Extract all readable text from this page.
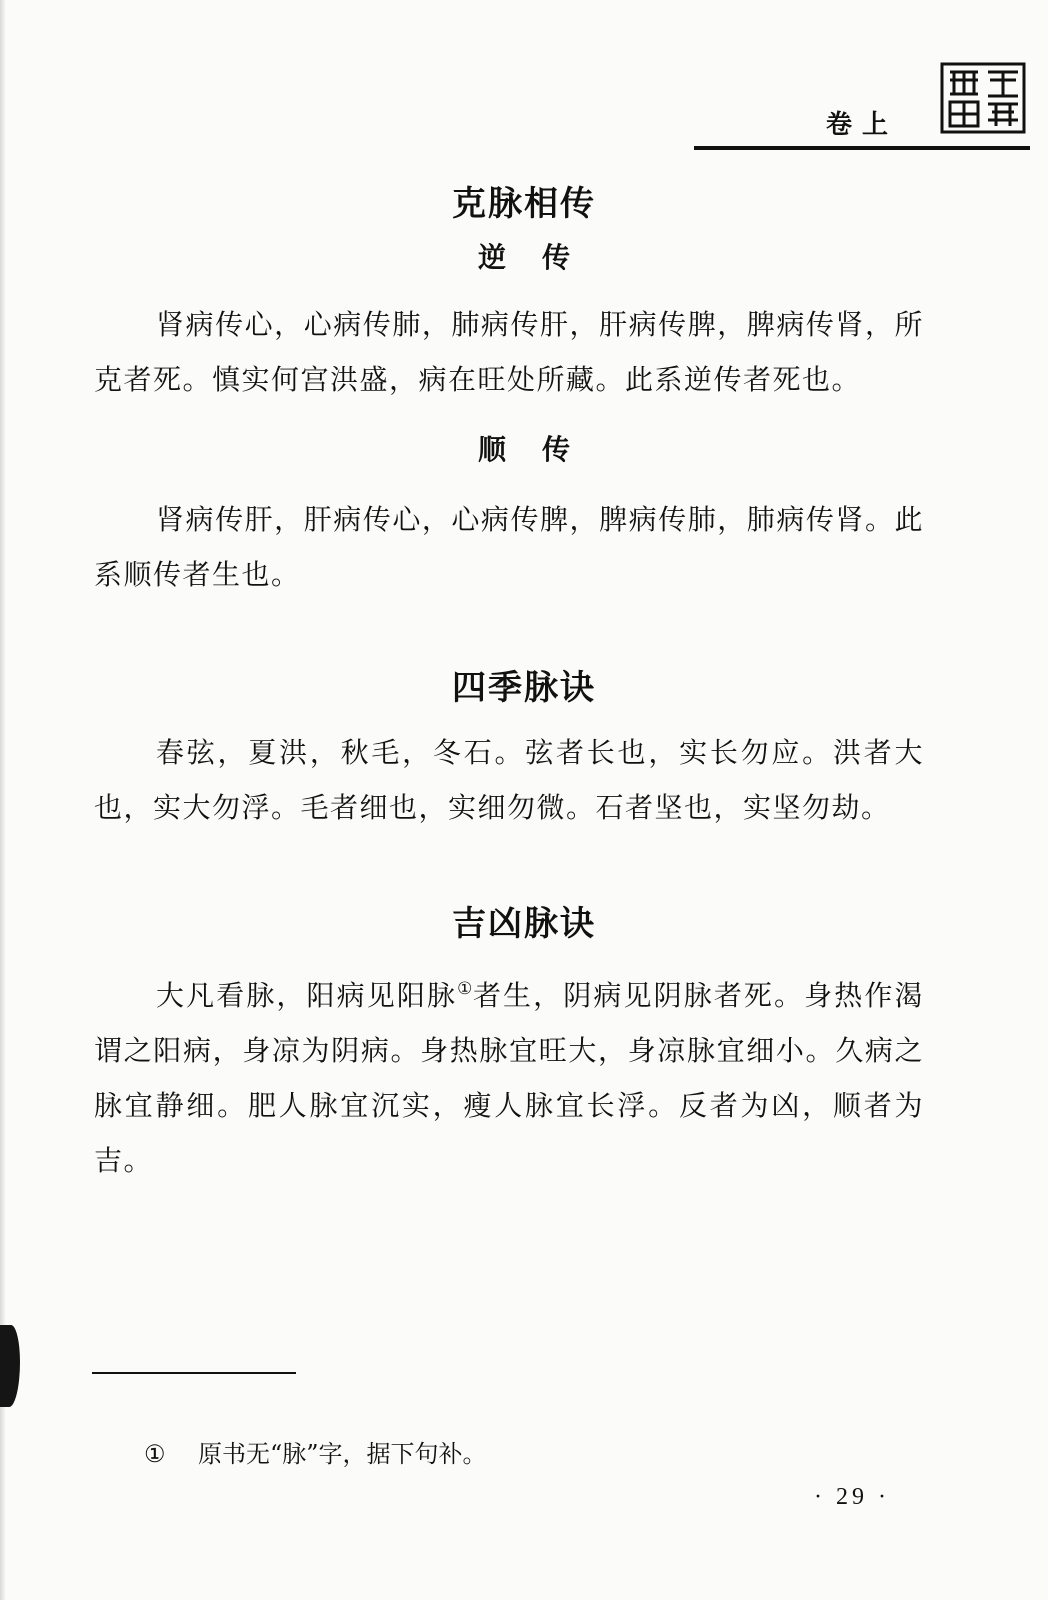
卷上
克脉相传
逆 传
肾病传心，心病传肺，肺病传肝，肝病传脾，脾病传肾，所克者死。慎实何宫洪盛，病在旺处所藏。此系逆传者死也。
顺 传
肾病传肝，肝病传心，心病传脾，脾病传肺，肺病传肾。此系顺传者生也。
四季脉诀
春弦，夏洪，秋毛，冬石。弦者长也，实长勿应。洪者大也，实大勿浮。毛者细也，实细勿微。石者坚也，实坚勿劫。
吉凶脉诀
大凡看脉，阳病见阳脉①者生，阴病见阴脉者死。身热作渴谓之阳病，身凉为阴病。身热脉宜旺大，身凉脉宜细小。久病之脉宜静细。肥人脉宜沉实，瘦人脉宜长浮。反者为凶，顺者为吉。
① 原书无“脉”字，据下句补。
· 29 ·
